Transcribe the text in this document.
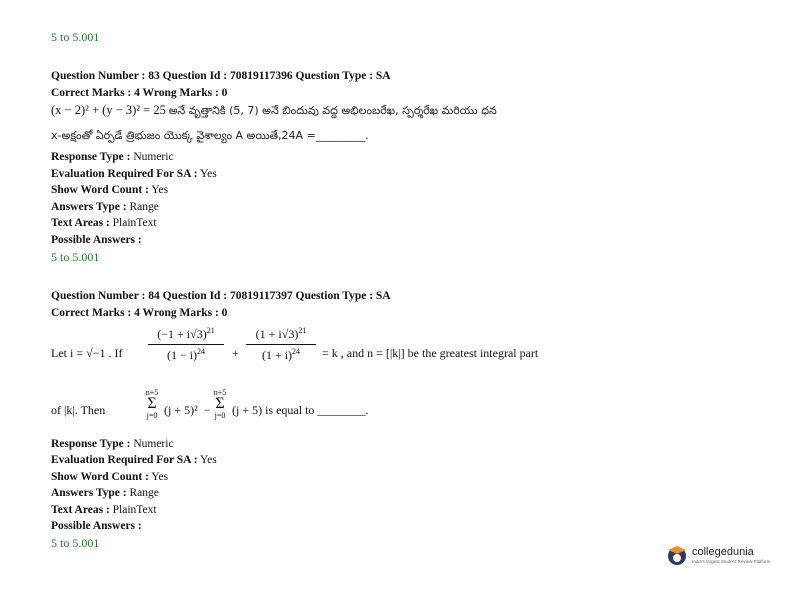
5 to 5.001
Question Number : 83 Question Id : 70819117396 Question Type : SA
Correct Marks : 4 Wrong Marks : 0
(x − 2)² + (y − 3)² = 25 అనే వృత్తానికి (5, 7) అనే బిందువు వద్ద అభిలంబరేఖ, స్పర్శరేఖ మరియు ధన
x-అక్షంతో ఏర్పడే త్రిభుజం యొక్క వైశాల్యం A అయితే,24A =_________.
Response Type : Numeric
Evaluation Required For SA : Yes
Show Word Count : Yes
Answers Type : Range
Text Areas : PlainText
Possible Answers :
5 to 5.001
Question Number : 84 Question Id : 70819117397 Question Type : SA
Correct Marks : 4 Wrong Marks : 0
Let i = √−1 . If
$(-1 + i√3)^{21}$
$(1 - i)^{24}$	+
$(1 + i√3)^{21}$
$(1 + i)^{24}$	= k , and n = [|k|] be the greatest integral part
of |k|. Then
n+5
Σ
j=0 (j + 5)² −
n+5
Σ
j=0 (j + 5) is equal to ________.
Response Type : Numeric
Evaluation Required For SA : Yes
Show Word Count : Yes
Answers Type : Range
Text Areas : PlainText
Possible Answers :
5 to 5.001
collegedunia
India's largest Student Review Platform
